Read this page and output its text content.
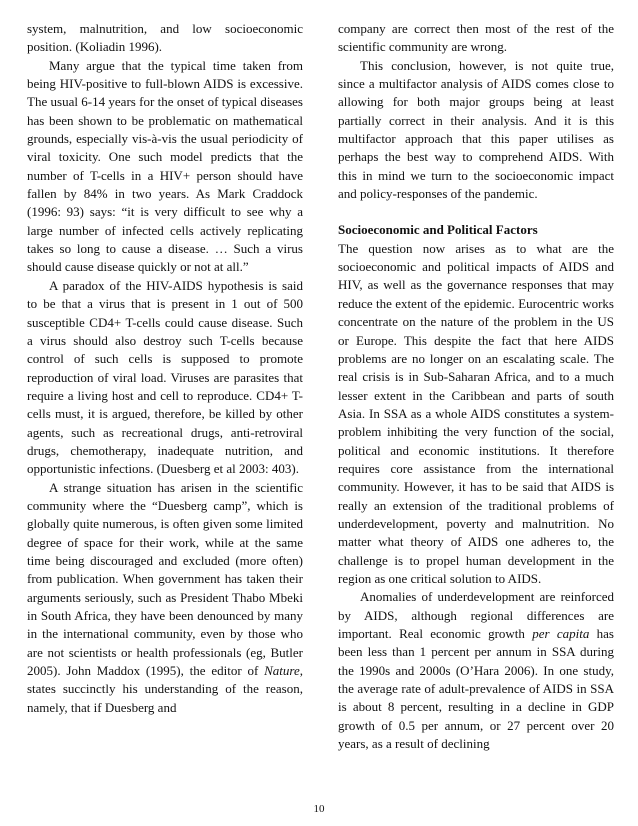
system, malnutrition, and low socioeconomic position. (Koliadin 1996).

Many argue that the typical time taken from being HIV-positive to full-blown AIDS is excessive. The usual 6-14 years for the onset of typical diseases has been shown to be problematic on mathematical grounds, especially vis-à-vis the usual periodicity of viral toxicity. One such model predicts that the number of T-cells in a HIV+ person should have fallen by 84% in two years. As Mark Craddock (1996: 93) says: “it is very difficult to see why a large number of infected cells actively replicating takes so long to cause a disease. … Such a virus should cause disease quickly or not at all.”

A paradox of the HIV-AIDS hypothesis is said to be that a virus that is present in 1 out of 500 susceptible CD4+ T-cells could cause disease. Such a virus should also destroy such T-cells because control of such cells is supposed to promote reproduction of viral load. Viruses are parasites that require a living host and cell to reproduce. CD4+ T-cells must, it is argued, therefore, be killed by other agents, such as recreational drugs, anti-retroviral drugs, chemotherapy, inadequate nutrition, and opportunistic infections. (Duesberg et al 2003: 403).

A strange situation has arisen in the scientific community where the “Duesberg camp”, which is globally quite numerous, is often given some limited degree of space for their work, while at the same time being discouraged and excluded (more often) from publication. When government has taken their arguments seriously, such as President Thabo Mbeki in South Africa, they have been denounced by many in the international community, even by those who are not scientists or health professionals (eg, Butler 2005). John Maddox (1995), the editor of Nature, states succinctly his understanding of the reason, namely, that if Duesberg and

company are correct then most of the rest of the scientific community are wrong.

This conclusion, however, is not quite true, since a multifactor analysis of AIDS comes close to allowing for both major groups being at least partially correct in their analysis. And it is this multifactor approach that this paper utilises as perhaps the best way to comprehend AIDS. With this in mind we turn to the socioeconomic impact and policy-responses of the pandemic.

Socioeconomic and Political Factors

The question now arises as to what are the socioeconomic and political impacts of AIDS and HIV, as well as the governance responses that may reduce the extent of the epidemic. Eurocentric works concentrate on the nature of the problem in the US or Europe. This despite the fact that here AIDS problems are no longer on an escalating scale. The real crisis is in Sub-Saharan Africa, and to a much lesser extent in the Caribbean and parts of south Asia. In SSA as a whole AIDS constitutes a system-problem inhibiting the very function of the social, political and economic institutions. It therefore requires core assistance from the international community. However, it has to be said that AIDS is really an extension of the traditional problems of underdevelopment, poverty and malnutrition. No matter what theory of AIDS one adheres to, the challenge is to propel human development in the region as one critical solution to AIDS.

Anomalies of underdevelopment are reinforced by AIDS, although regional differences are important. Real economic growth per capita has been less than 1 percent per annum in SSA during the 1990s and 2000s (O’Hara 2006). In one study, the average rate of adult-prevalence of AIDS in SSA is about 8 percent, resulting in a decline in GDP growth of 0.5 per annum, or 27 percent over 20 years, as a result of declining

10
